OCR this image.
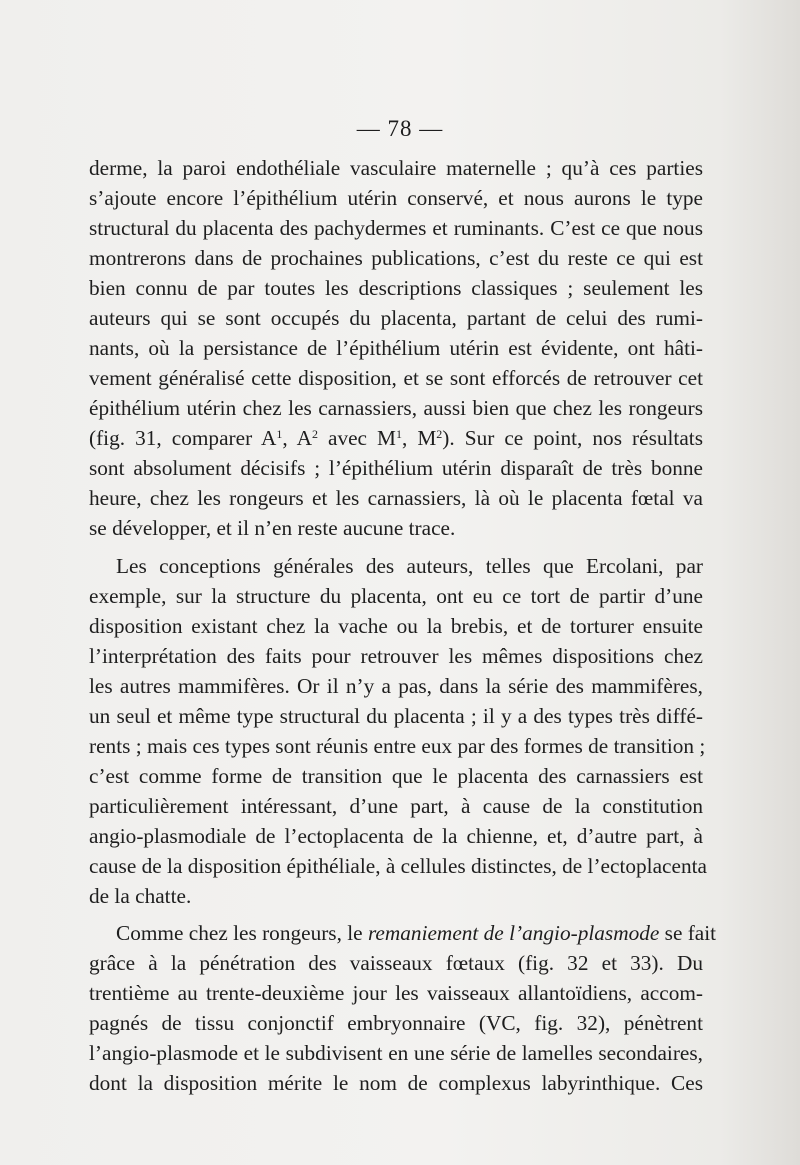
— 78 —
derme, la paroi endothéliale vasculaire maternelle ; qu’à ces parties
s’ajoute encore l’épithélium utérin conservé, et nous aurons le type
structural du placenta des pachydermes et ruminants. C’est ce que nous
montrerons dans de prochaines publications, c’est du reste ce qui est
bien connu de par toutes les descriptions classiques ; seulement les
auteurs qui se sont occupés du placenta, partant de celui des rumi-
nants, où la persistance de l’épithélium utérin est évidente, ont hâti-
vement généralisé cette disposition, et se sont efforcés de retrouver cet
épithélium utérin chez les carnassiers, aussi bien que chez les rongeurs
(fig. 31, comparer $A^1$, $A^2$ avec $M^1$, $M^2$). Sur ce point, nos résultats
sont absolument décisifs ; l’épithélium utérin disparaît de très bonne
heure, chez les rongeurs et les carnassiers, là où le placenta fœtal va
se développer, et il n’en reste aucune trace.
Les conceptions générales des auteurs, telles que Ercolani, par
exemple, sur la structure du placenta, ont eu ce tort de partir d’une
disposition existant chez la vache ou la brebis, et de torturer ensuite
l’interprétation des faits pour retrouver les mêmes dispositions chez
les autres mammifères. Or il n’y a pas, dans la série des mammifères,
un seul et même type structural du placenta ; il y a des types très diffé-
rents ; mais ces types sont réunis entre eux par des formes de transition ;
c’est comme forme de transition que le placenta des carnassiers est
particulièrement intéressant, d’une part, à cause de la constitution
angio-plasmodiale de l’ectoplacenta de la chienne, et, d’autre part, à
cause de la disposition épithéliale, à cellules distinctes, de l’ectoplacenta
de la chatte.
Comme chez les rongeurs, le remaniement de l’angio-plasmode se fait
grâce à la pénétration des vaisseaux fœtaux (fig. 32 et 33). Du
trentième au trente-deuxième jour les vaisseaux allantoïdiens, accom-
pagnés de tissu conjonctif embryonnaire (VC, fig. 32), pénètrent
l’angio-plasmode et le subdivisent en une série de lamelles secondaires,
dont la disposition mérite le nom de complexus labyrinthique. Ces
